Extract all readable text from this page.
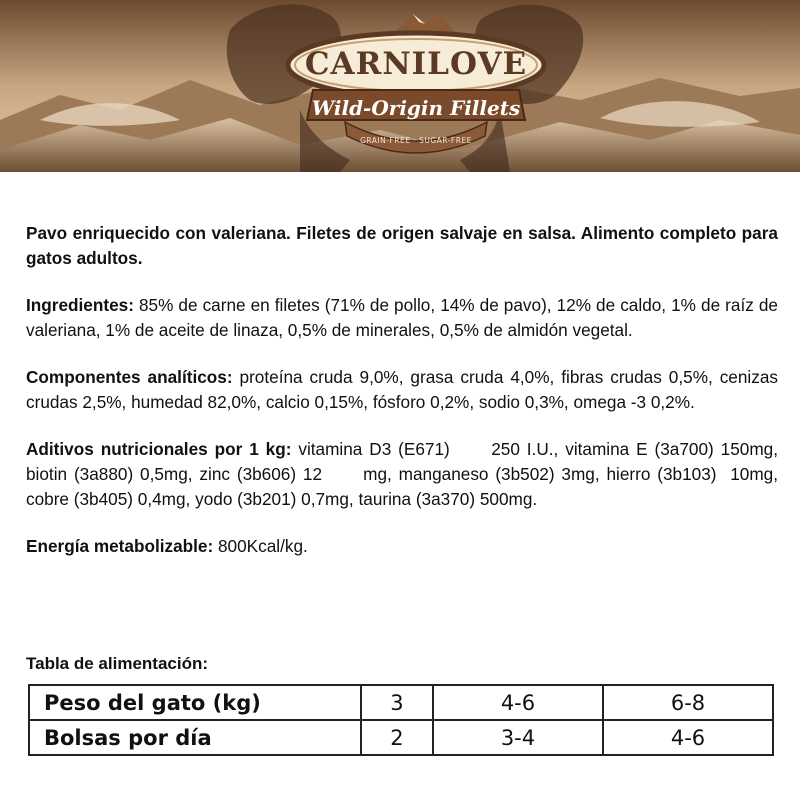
CARNILOVE
Wild-Origin Fillets
GRAIN-FREE · SUGAR-FREE

Pavo enriquecido con valeriana. Filetes de origen salvaje en salsa. Alimento completo para gatos adultos.

Ingredientes: 85% de carne en filetes (71% de pollo, 14% de pavo), 12% de caldo, 1% de raíz de valeriana, 1% de aceite de linaza, 0,5% de minerales, 0,5% de almidón vegetal.

Componentes analíticos: proteína cruda 9,0%, grasa cruda 4,0%, fibras crudas 0,5%, cenizas crudas 2,5%, humedad 82,0%, calcio 0,15%, fósforo 0,2%, sodio 0,3%, omega -3 0,2%.

Aditivos nutricionales por 1 kg: vitamina D3 (E671)      250 I.U., vitamina E (3a700) 150mg, biotin (3a880) 0,5mg, zinc (3b606) 12      mg, manganeso (3b502) 3mg, hierro (3b103)  10mg, cobre (3b405) 0,4mg, yodo (3b201) 0,7mg, taurina (3a370) 500mg.

Energía metabolizable: 800Kcal/kg.

Tabla de alimentación:
Peso del gato (kg)	3	4-6	6-8
Bolsas por día	2	3-4	4-6
